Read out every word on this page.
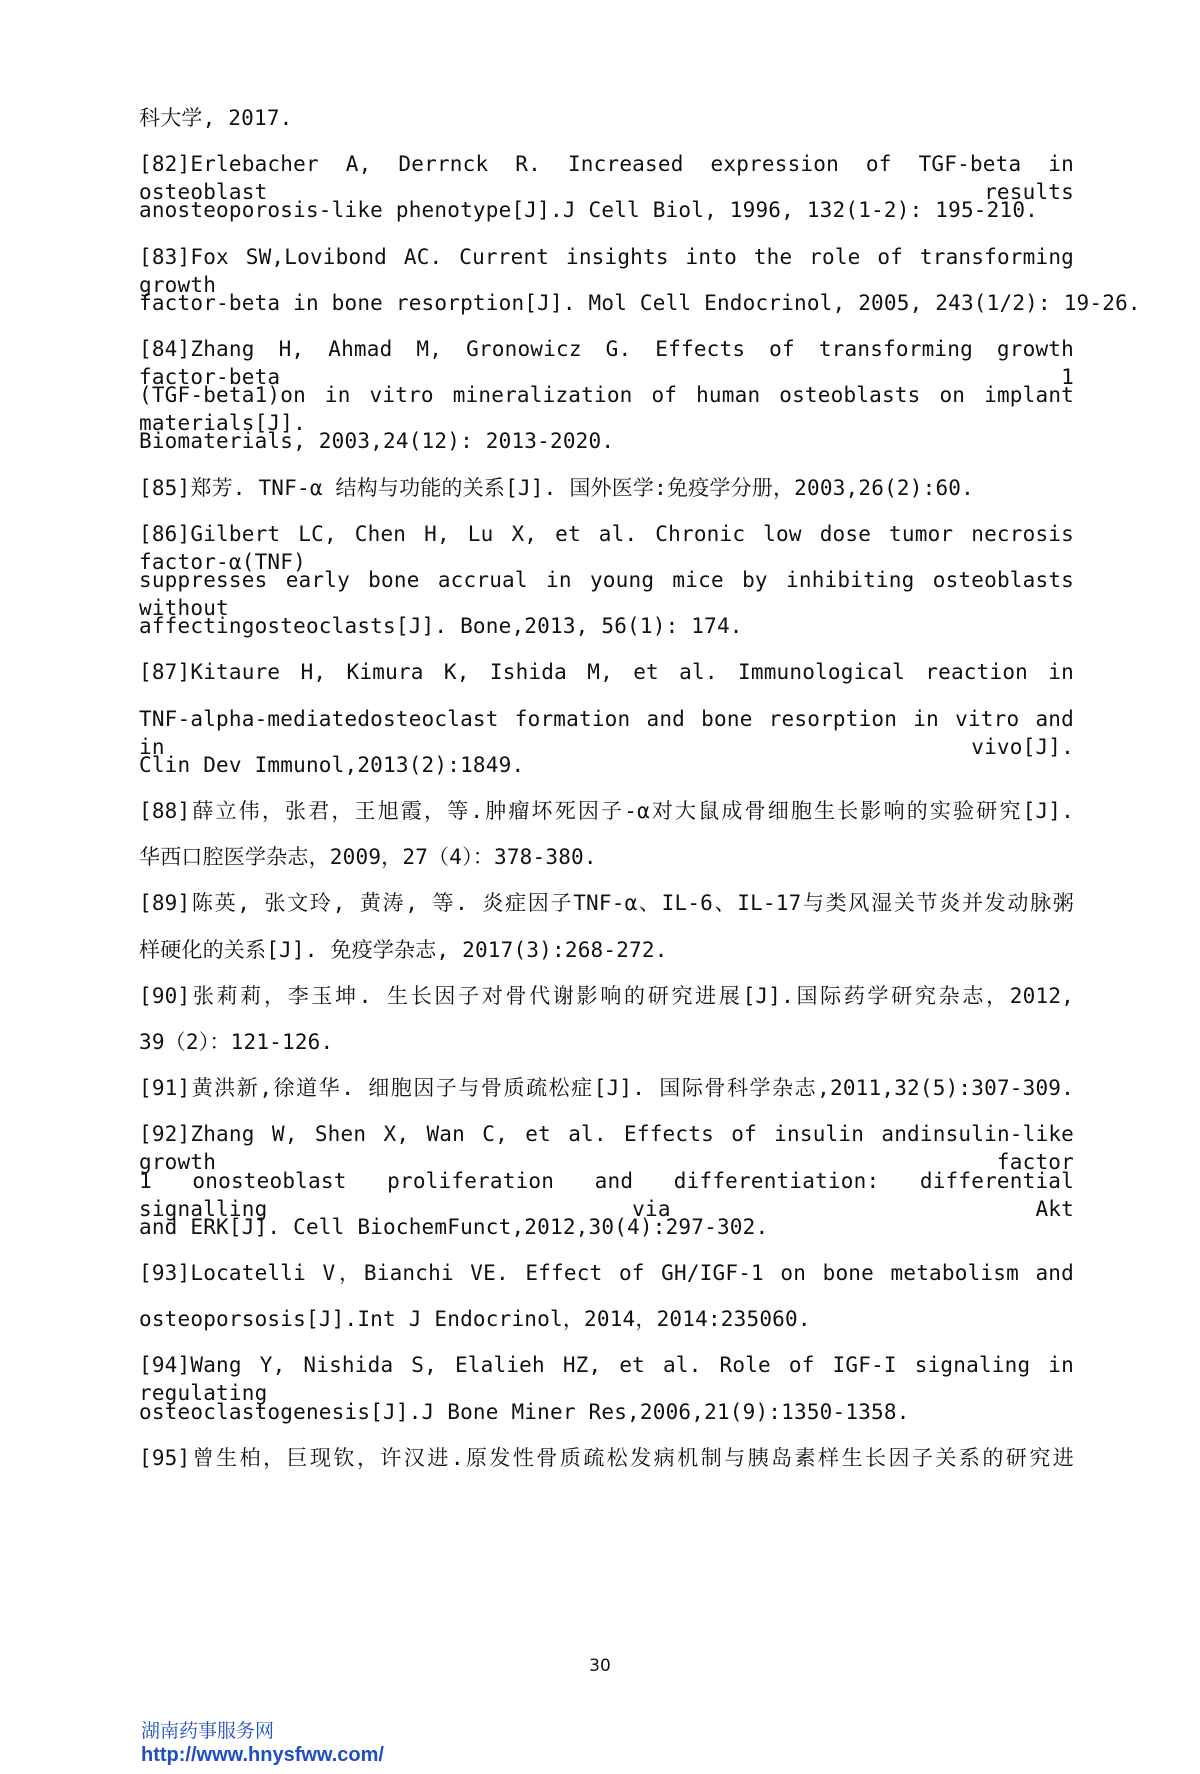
科大学, 2017.
[82]Erlebacher A, Derrnck R. Increased expression of TGF-beta in osteoblast results
anosteoporosis-like phenotype[J].J Cell Biol, 1996, 132(1-2): 195-210.
[83]Fox SW,Lovibond AC. Current insights into the role of transforming growth
factor-beta in bone resorption[J]. Mol Cell Endocrinol, 2005, 243(1/2): 19-26.
[84]Zhang H, Ahmad M, Gronowicz G. Effects of transforming growth factor-beta 1
(TGF-beta1)on in vitro mineralization of human osteoblasts on implant materials[J].
Biomaterials, 2003,24(12): 2013-2020.
[85]郑芳. TNF-α 结构与功能的关系[J]. 国外医学:免疫学分册，2003,26(2):60.
[86]Gilbert LC, Chen H, Lu X, et al. Chronic low dose tumor necrosis factor-α(TNF)
suppresses early bone accrual in young mice by inhibiting osteoblasts without
affectingosteoclasts[J]. Bone,2013, 56(1): 174.
[87]Kitaure H, Kimura K, Ishida M, et al. Immunological reaction in
TNF-alpha-mediatedosteoclast formation and bone resorption in vitro and in vivo[J].
Clin Dev Immunol,2013(2):1849.
[88]薛立伟，张君，王旭霞，等.肿瘤坏死因子-α对大鼠成骨细胞生长影响的实验研究[J].
华西口腔医学杂志，2009，27（4）：378-380.
[89]陈英, 张文玲, 黄涛, 等. 炎症因子TNF-α、IL-6、IL-17与类风湿关节炎并发动脉粥
样硬化的关系[J]. 免疫学杂志, 2017(3):268-272.
[90]张莉莉，李玉坤. 生长因子对骨代谢影响的研究进展[J].国际药学研究杂志，2012,
39（2）：121-126.
[91]黄洪新,徐道华. 细胞因子与骨质疏松症[J]. 国际骨科学杂志,2011,32(5):307-309.
[92]Zhang W, Shen X, Wan C, et al. Effects of insulin andinsulin-like growth factor
1 onosteoblast proliferation and differentiation: differential signalling via Akt
and ERK[J]. Cell BiochemFunct,2012,30(4):297-302.
[93]Locatelli V，Bianchi VE. Effect of GH/IGF-1 on bone metabolism and
osteoporsosis[J].Int J Endocrinol，2014，2014:235060.
[94]Wang Y, Nishida S, Elalieh HZ, et al. Role of IGF-I signaling in regulating
osteoclastogenesis[J].J Bone Miner Res,2006,21(9):1350-1358.
[95]曾生柏，巨现钦，许汉进.原发性骨质疏松发病机制与胰岛素样生长因子关系的研究进
30
湖南药事服务网
http://www.hnysfww.com/
